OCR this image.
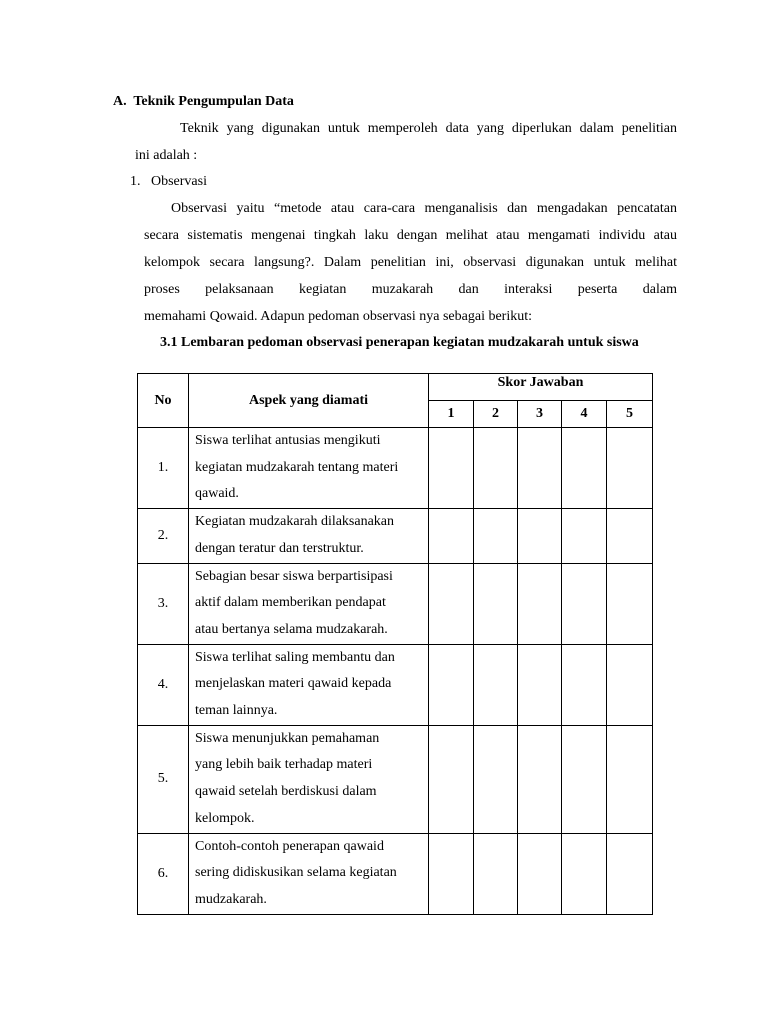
A. Teknik Pengumpulan Data
Teknik yang digunakan untuk memperoleh data yang diperlukan dalam penelitian
ini adalah :
1. Observasi
Observasi yaitu “metode atau cara-cara menganalisis dan mengadakan pencatatan
secara sistematis mengenai tingkah laku dengan melihat atau mengamati individu atau
kelompok secara langsung?. Dalam penelitian ini, observasi digunakan untuk melihat
proses pelaksanaan kegiatan muzakarah dan interaksi peserta dalam
memahami Qowaid. Adapun pedoman observasi nya sebagai berikut:
3.1 Lembaran pedoman observasi penerapan kegiatan mudzakarah untuk siswa
No	Aspek yang diamati	Skor Jawaban				
		1	2	3	4	5
1.	Siswa terlihat antusias mengikuti
kegiatan mudzakarah tentang materi
qawaid.					

2.	Kegiatan mudzakarah dilaksanakan
dengan teratur dan terstruktur.					

3.	Sebagian besar siswa berpartisipasi
aktif dalam memberikan pendapat
atau bertanya selama mudzakarah.					

4.	Siswa terlihat saling membantu dan
menjelaskan materi qawaid kepada
teman lainnya.					

5.	Siswa menunjukkan pemahaman
yang lebih baik terhadap materi
qawaid setelah berdiskusi dalam
kelompok.					

6.	Contoh-contoh penerapan qawaid
sering didiskusikan selama kegiatan
mudzakarah.					
